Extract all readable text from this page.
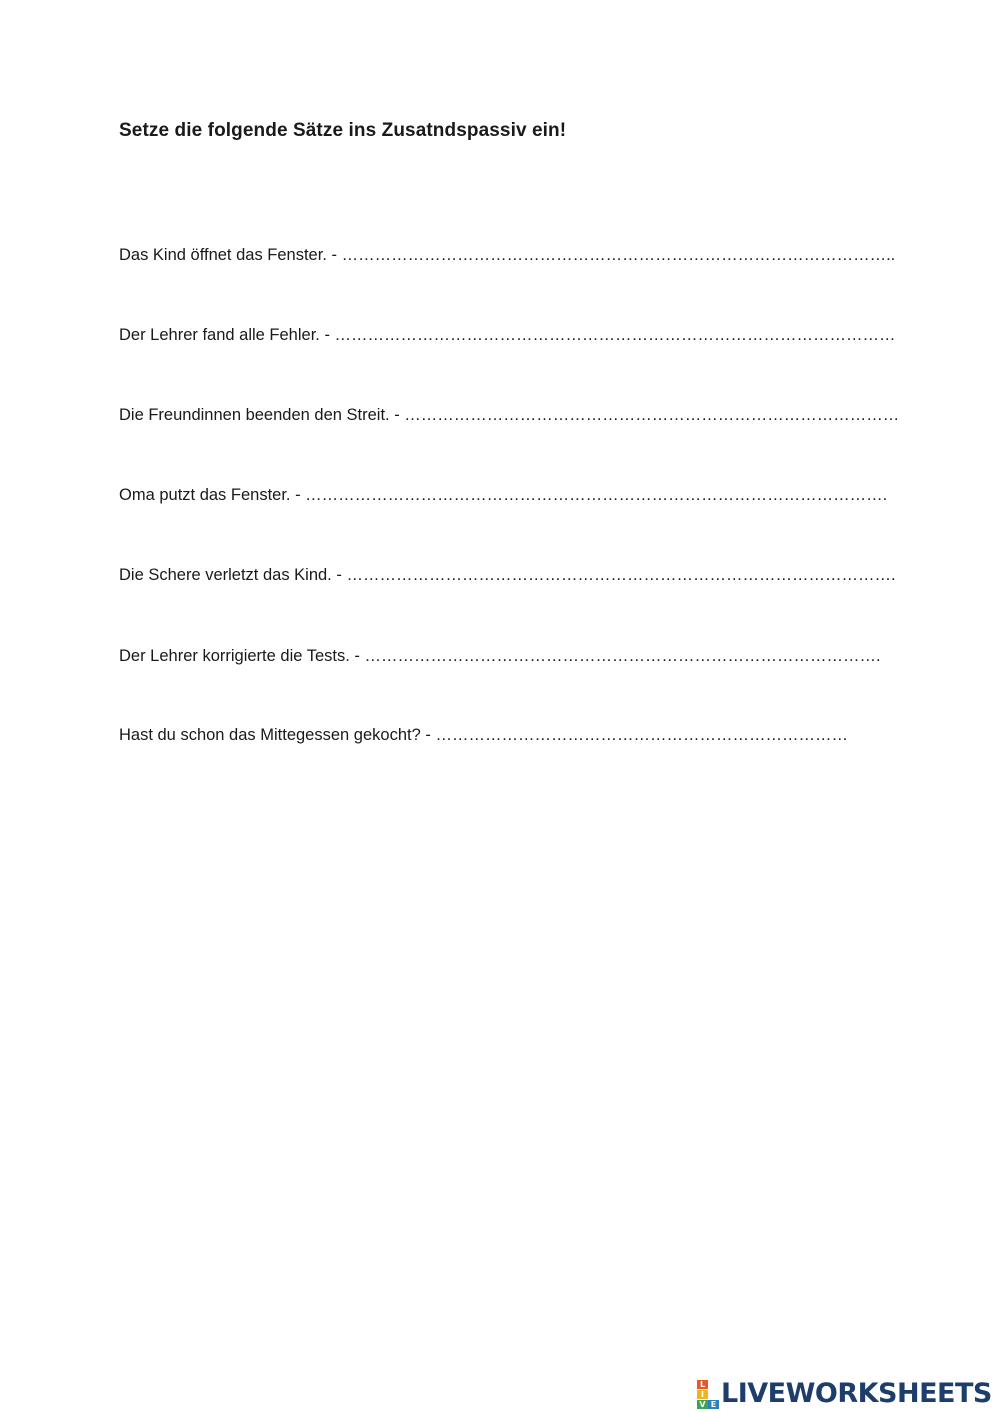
Setze die folgende Sätze ins Zusatndspassiv ein!
Das Kind öffnet das Fenster. - ………………………………………………………………………………………..
Der Lehrer fand alle Fehler. - …………………………………………………………………………………………
Die Freundinnen beenden den Streit. - ………………………………………………………………………………
Oma putzt das Fenster. - …………………………………………………………………………………………….
Die Schere verletzt das Kind. - ……………………………………………………………………………………….
Der Lehrer korrigierte die Tests. - ………………………………………………………………………………….
Hast du schon das Mittegessen gekocht? - …………………………………………………………………
L
I
V E LIVEWORKSHEETS
